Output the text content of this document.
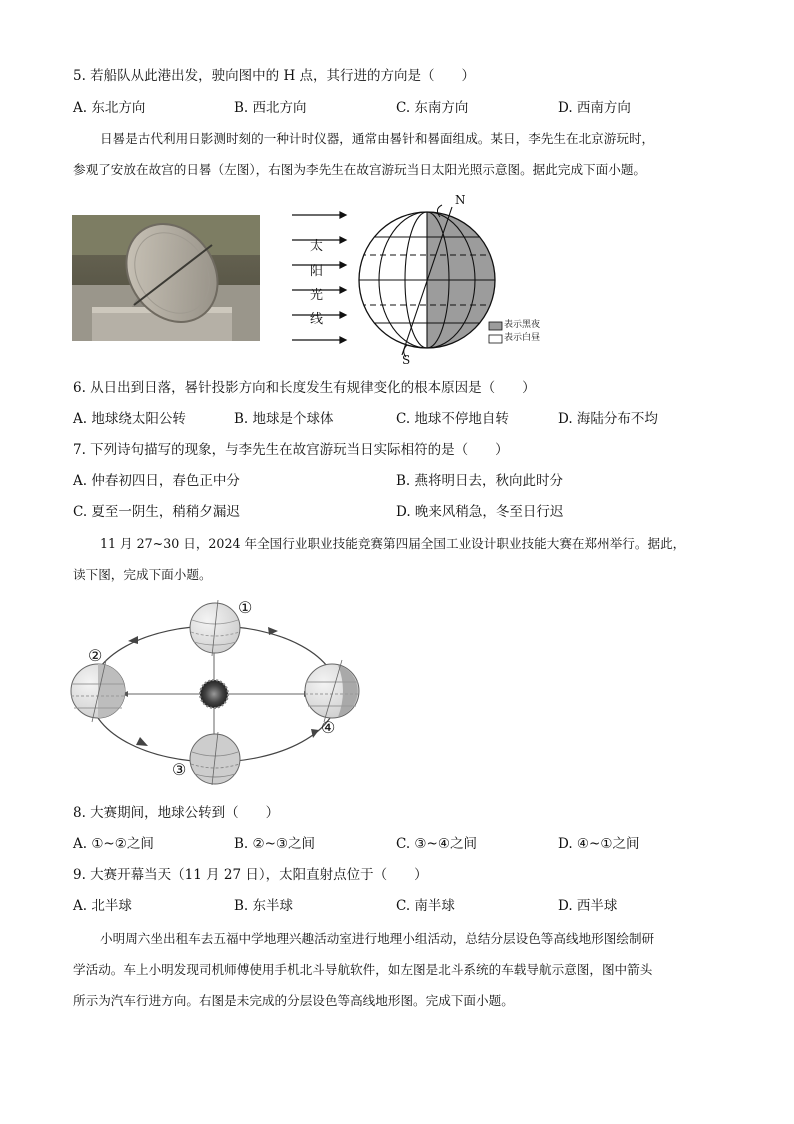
5. 若船队从此港出发，驶向图中的 H 点，其行进的方向是（　　）
A. 东北方向	B. 西北方向	C. 东南方向	D. 西南方向
日晷是古代利用日影测时刻的一种计时仪器，通常由晷针和晷面组成。某日，李先生在北京游玩时，
参观了安放在故宫的日晷（左图），右图为李先生在故宫游玩当日太阳光照示意图。据此完成下面小题。
太
阳
光
线
N
S
表示黑夜
表示白昼
6. 从日出到日落，晷针投影方向和长度发生有规律变化的根本原因是（　　）
A. 地球绕太阳公转	B. 地球是个球体	C. 地球不停地自转	D. 海陆分布不均
7. 下列诗句描写的现象，与李先生在故宫游玩当日实际相符的是（　　）
A. 仲春初四日，春色正中分	B. 燕将明日去，秋向此时分
C. 夏至一阴生，稍稍夕漏迟	D. 晚来风稍急，冬至日行迟
11 月 27~30 日，2024 年全国行业职业技能竞赛第四届全国工业设计职业技能大赛在郑州举行。据此，
读下图，完成下面小题。
①
②
③
④
8. 大赛期间，地球公转到（　　）
A. ①~②之间	B. ②~③之间	C. ③~④之间	D. ④~①之间
9. 大赛开幕当天（11 月 27 日），太阳直射点位于（　　）
A. 北半球	B. 东半球	C. 南半球	D. 西半球
小明周六坐出租车去五福中学地理兴趣活动室进行地理小组活动，总结分层设色等高线地形图绘制研
学活动。车上小明发现司机师傅使用手机北斗导航软件，如左图是北斗系统的车载导航示意图，图中箭头
所示为汽车行进方向。右图是未完成的分层设色等高线地形图。完成下面小题。
